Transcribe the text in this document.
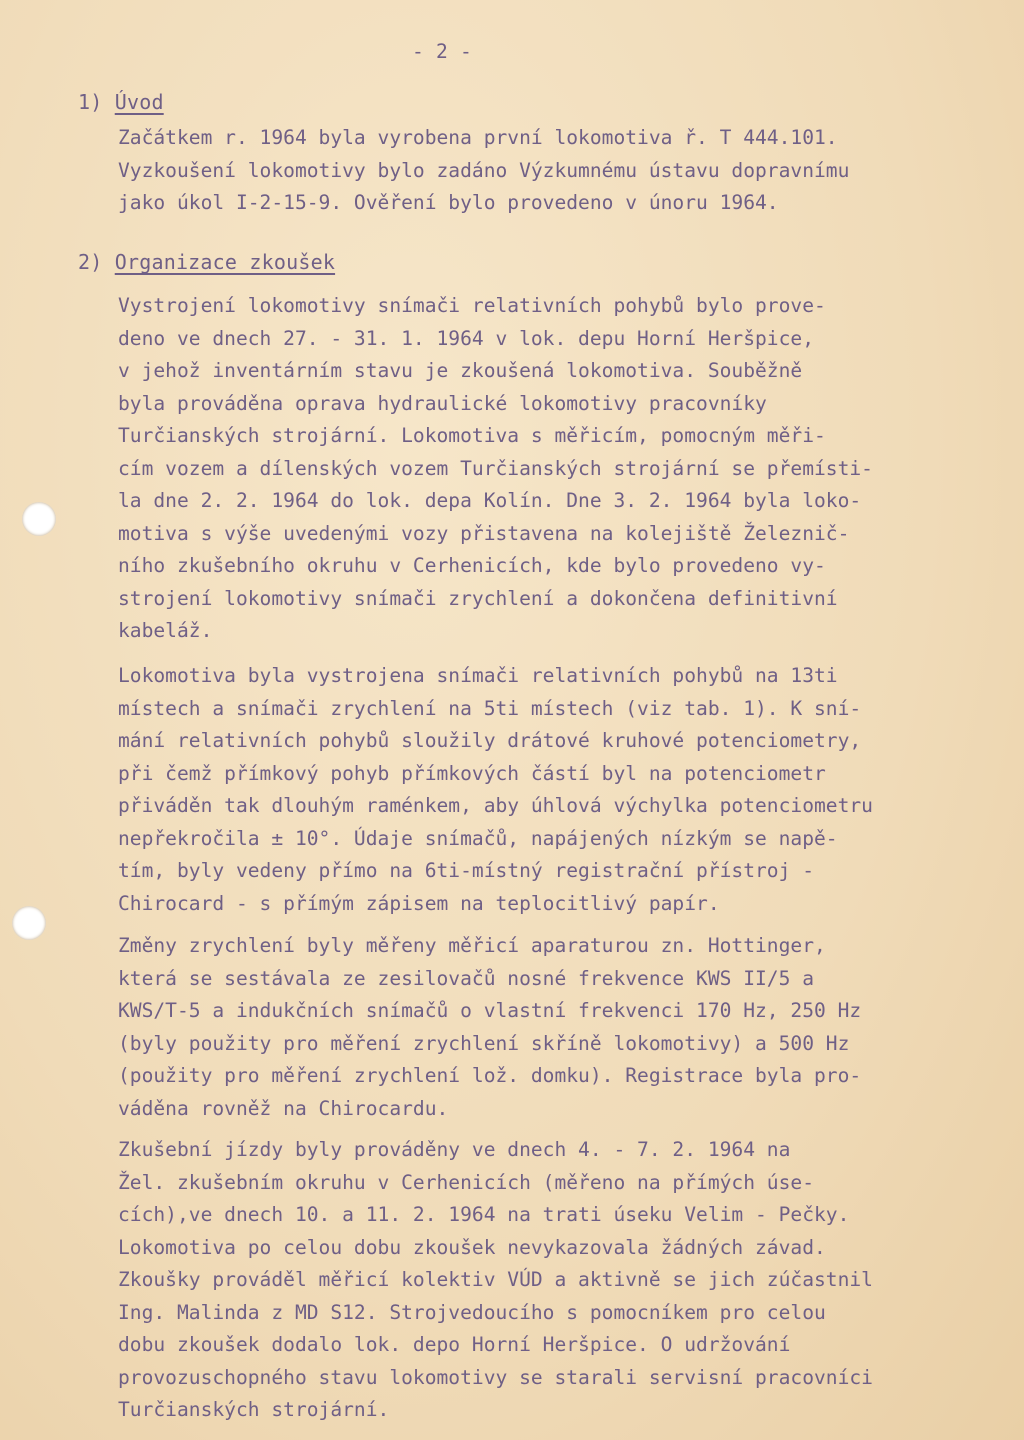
- 2 -
1) Úvod
Začátkem r. 1964 byla vyrobena první lokomotiva ř. T 444.101.
Vyzkoušení lokomotivy bylo zadáno Výzkumnému ústavu dopravnímu
jako úkol I-2-15-9. Ověření bylo provedeno v únoru 1964.
2) Organizace zkoušek
Vystrojení lokomotivy snímači relativních pohybů bylo prove-
deno ve dnech 27. - 31. 1. 1964 v lok. depu Horní Heršpice,
v jehož inventárním stavu je zkoušená lokomotiva. Souběžně
byla prováděna oprava hydraulické lokomotivy pracovníky
Turčianských strojární. Lokomotiva s měřicím, pomocným měři-
cím vozem a dílenských vozem Turčianských strojární se přemísti-
la dne 2. 2. 1964 do lok. depa Kolín. Dne 3. 2. 1964 byla loko-
motiva s výše uvedenými vozy přistavena na kolejiště Železnič-
ního zkušebního okruhu v Cerhenicích, kde bylo provedeno vy-
strojení lokomotivy snímači zrychlení a dokončena definitivní
kabeláž.
Lokomotiva byla vystrojena snímači relativních pohybů na 13ti
místech a snímači zrychlení na 5ti místech (viz tab. 1). K sní-
mání relativních pohybů sloužily drátové kruhové potenciometry,
při čemž přímkový pohyb přímkových částí byl na potenciometr
přiváděn tak dlouhým raménkem, aby úhlová výchylka potenciometru
nepřekročila ± 10°. Údaje snímačů, napájených nízkým se napě-
tím, byly vedeny přímo na 6ti-místný registrační přístroj -
Chirocard - s přímým zápisem na teplocitlivý papír.
Změny zrychlení byly měřeny měřicí aparaturou zn. Hottinger,
která se sestávala ze zesilovačů nosné frekvence KWS II/5 a
KWS/T-5 a indukčních snímačů o vlastní frekvenci 170 Hz, 250 Hz
(byly použity pro měření zrychlení skříně lokomotivy) a 500 Hz
(použity pro měření zrychlení lož. domku). Registrace byla pro-
váděna rovněž na Chirocardu.
Zkušební jízdy byly prováděny ve dnech 4. - 7. 2. 1964 na
Žel. zkušebním okruhu v Cerhenicích (měřeno na přímých úse-
cích),ve dnech 10. a 11. 2. 1964 na trati úseku Velim - Pečky.
Lokomotiva po celou dobu zkoušek nevykazovala žádných závad.
Zkoušky prováděl měřicí kolektiv VÚD a aktivně se jich zúčastnil
Ing. Malinda z MD S12. Strojvedoucího s pomocníkem pro celou
dobu zkoušek dodalo lok. depo Horní Heršpice. O udržování
provozuschopného stavu lokomotivy se starali servisní pracovníci
Turčianských strojární.
